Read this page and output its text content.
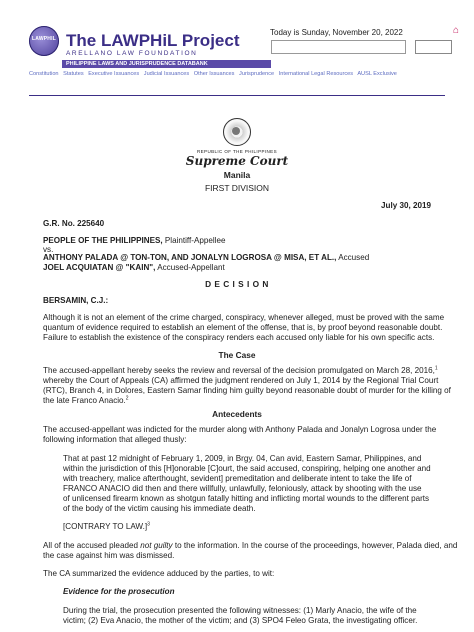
LAWPHIL The LAWPHiL Project
ARELLANO LAW FOUNDATION
PHILIPPINE LAWS AND JURISPRUDENCE DATABANK
Today is Sunday, November 20, 2022	⌂
Constitution Statutes Executive Issuances Judicial Issuances Other Issuances Jurisprudence International Legal Resources AUSL Exclusive
REPUBLIC OF THE PHILIPPINES
Supreme Court
Manila
FIRST DIVISION
July 30, 2019
G.R. No. 225640
PEOPLE OF THE PHILIPPINES, Plaintiff-Appellee
vs.
ANTHONY PALADA @ TON-TON, AND JONALYN LOGROSA @ MISA, ET AL., Accused
JOEL ACQUIATAN @ "KAIN", Accused-Appellant
D E C I S I O N
BERSAMIN, C.J.:
Although it is not an element of the crime charged, conspiracy, whenever alleged, must be proved with the same
quantum of evidence required to establish an element of the offense, that is, by proof beyond reasonable doubt.
Failure to establish the existence of the conspiracy renders each accused only liable for his own specific acts.
The Case
The accused-appellant hereby seeks the review and reversal of the decision promulgated on March 28, 2016,$^1$
whereby the Court of Appeals (CA) affirmed the judgment rendered on July 1, 2014 by the Regional Trial Court
(RTC), Branch 4, in Dolores, Eastern Samar finding him guilty beyond reasonable doubt of murder for the killing of
the late Franco Anacio.$^2$
Antecedents
The accused-appellant was indicted for the murder along with Anthony Palada and Jonalyn Logrosa under the
following information that alleged thusly:
That at past 12 midnight of February 1, 2009, in Brgy. 04, Can avid, Eastern Samar, Philippines, and
within the jurisdiction of this [H]onorable [C]ourt, the said accused, conspiring, helping one another and
with treachery, malice afterthought, sevident] premeditation and deliberate intent to take the life of
FRANCO ANACIO did then and there willfully, unlawfully, feloniously, attack by shooting with the use
of unlicensed firearm known as shotgun fatally hitting and inflicting mortal wounds to the different parts
of the body of the victim causing his immediate death.
[CONTRARY TO LAW.]$^3$
All of the accused pleaded not guilty to the information. In the course of the proceedings, however, Palada died, and
the case against him was dismissed.
The CA summarized the evidence adduced by the parties, to wit:
Evidence for the prosecution
During the trial, the prosecution presented the following witnesses: (1) Marly Anacio, the wife of the
victim; (2) Eva Anacio, the mother of the victim; and (3) SPO4 Feleo Grata, the investigating officer.
